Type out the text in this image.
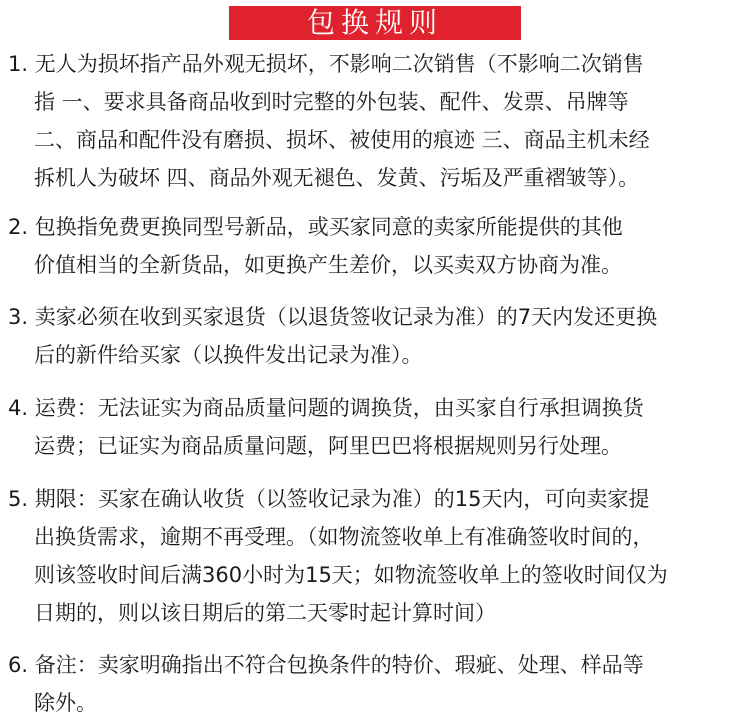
包换规则
1. 无人为损坏指产品外观无损坏，不影响二次销售（不影响二次销售
指 一、要求具备商品收到时完整的外包装、配件、发票、吊牌等
二、商品和配件没有磨损、损坏、被使用的痕迹 三、商品主机未经
拆机人为破坏 四、商品外观无褪色、发黄、污垢及严重褶皱等）。
2. 包换指免费更换同型号新品，或买家同意的卖家所能提供的其他
价值相当的全新货品，如更换产生差价，以买卖双方协商为准。
3. 卖家必须在收到买家退货（以退货签收记录为准）的7天内发还更换
后的新件给买家（以换件发出记录为准）。
4. 运费：无法证实为商品质量问题的调换货，由买家自行承担调换货
运费；已证实为商品质量问题，阿里巴巴将根据规则另行处理。
5. 期限：买家在确认收货（以签收记录为准）的15天内，可向卖家提
出换货需求，逾期不再受理。（如物流签收单上有准确签收时间的，
则该签收时间后满360小时为15天；如物流签收单上的签收时间仅为
日期的，则以该日期后的第二天零时起计算时间）
6. 备注：卖家明确指出不符合包换条件的特价、瑕疵、处理、样品等
除外。
